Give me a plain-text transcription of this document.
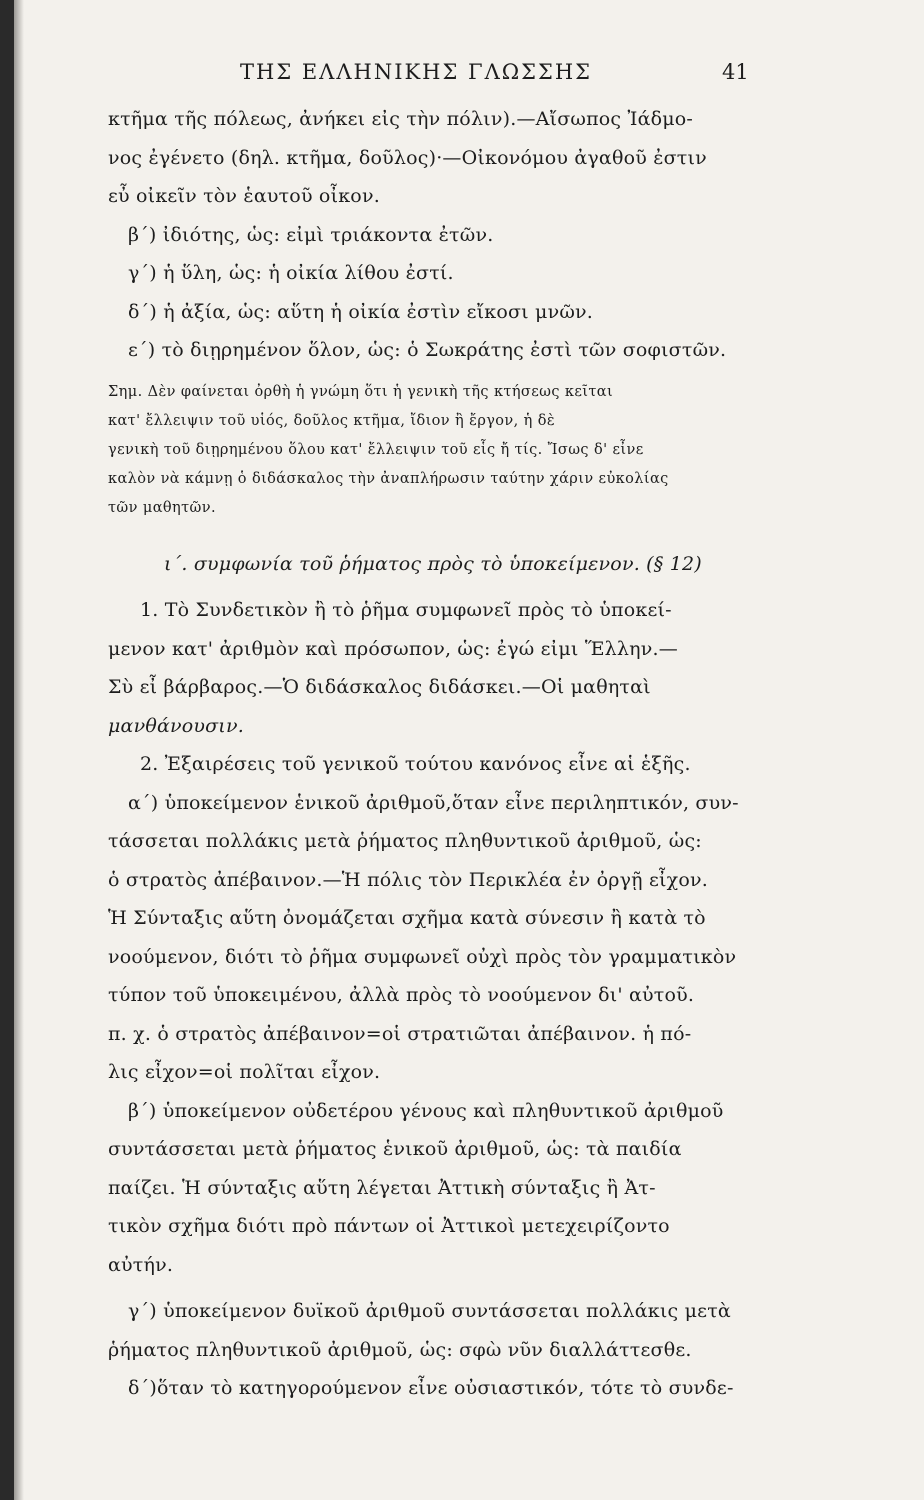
ΤΗΣ ΕΛΛΗΝΙΚΗΣ ΓΛΩΣΣΗΣ	41
κτῆμα τῆς πόλεως, ἀνήκει εἰς τὴν πόλιν).—Αἴσωπος Ἰάδμο-
νος ἐγένετο (δηλ. κτῆμα, δοῦλος)·—Οἰκονόμου ἀγαθοῦ ἐστιν
εὖ οἰκεῖν τὸν ἑαυτοῦ οἶκον.
β΄) ἰδιότης, ὡς: εἰμὶ τριάκοντα ἐτῶν.
γ΄) ἡ ὕλη, ὡς: ἡ οἰκία λίθου ἐστί.
δ΄) ἡ ἀξία, ὡς: αὕτη ἡ οἰκία ἐστὶν εἴκοσι μνῶν.
ε΄) τὸ διῃρημένον ὅλον, ὡς: ὁ Σωκράτης ἐστὶ τῶν σοφιστῶν.
Σημ. Δὲν φαίνεται ὀρθὴ ἡ γνώμη ὅτι ἡ γενικὴ τῆς κτήσεως κεῖται
κατ' ἔλλειψιν τοῦ υἱός, δοῦλος κτῆμα, ἴδιον ἢ ἔργον, ἡ δὲ
γενικὴ τοῦ διῃρημένου ὅλου κατ' ἔλλειψιν τοῦ εἷς ἤ τίς. Ἴσως δ' εἶνε
καλὸν νὰ κάμνῃ ὁ διδάσκαλος τὴν ἀναπλήρωσιν ταύτην χάριν εὐκολίας
τῶν μαθητῶν.
ι΄. συμφωνία τοῦ ῥήματος πρὸς τὸ ὑποκείμενον. (§ 12)
1. Τὸ Συνδετικὸν ἢ τὸ ῥῆμα συμφωνεῖ πρὸς τὸ ὑποκεί-
μενον κατ' ἀριθμὸν καὶ πρόσωπον, ὡς: ἐγώ εἰμι Ἕλλην.—
Σὺ εἶ βάρβαρος.—Ὁ διδάσκαλος διδάσκει.—Οἱ μαθηταὶ
μανθάνουσιν.
2. Ἐξαιρέσεις τοῦ γενικοῦ τούτου κανόνος εἶνε αἱ ἑξῆς.
α΄) ὑποκείμενον ἑνικοῦ ἀριθμοῦ,ὅταν εἶνε περιληπτικόν, συν-
τάσσεται πολλάκις μετὰ ῥήματος πληθυντικοῦ ἀριθμοῦ, ὡς:
ὁ στρατὸς ἀπέβαινον.—Ἡ πόλις τὸν Περικλέα ἐν ὀργῇ εἶχον.
Ἡ Σύνταξις αὕτη ὀνομάζεται σχῆμα κατὰ σύνεσιν ἢ κατὰ τὸ
νοούμενον, διότι τὸ ῥῆμα συμφωνεῖ οὐχὶ πρὸς τὸν γραμματικὸν
τύπον τοῦ ὑποκειμένου, ἀλλὰ πρὸς τὸ νοούμενον δι' αὐτοῦ.
π. χ. ὁ στρατὸς ἀπέβαινον=οἱ στρατιῶται ἀπέβαινον. ἡ πό-
λις εἶχον=οἱ πολῖται εἶχον.
β΄) ὑποκείμενον οὐδετέρου γένους καὶ πληθυντικοῦ ἀριθμοῦ
συντάσσεται μετὰ ῥήματος ἑνικοῦ ἀριθμοῦ, ὡς: τὰ παιδία
παίζει. Ἡ σύνταξις αὕτη λέγεται Ἀττικὴ σύνταξις ἢ Ἀτ-
τικὸν σχῆμα διότι πρὸ πάντων οἱ Ἀττικοὶ μετεχειρίζοντο
αὐτήν.
γ΄) ὑποκείμενον δυϊκοῦ ἀριθμοῦ συντάσσεται πολλάκις μετὰ
ῥήματος πληθυντικοῦ ἀριθμοῦ, ὡς: σφὼ νῦν διαλλάττεσθε.
δ΄)ὅταν τὸ κατηγορούμενον εἶνε οὐσιαστικόν, τότε τὸ συνδε-
